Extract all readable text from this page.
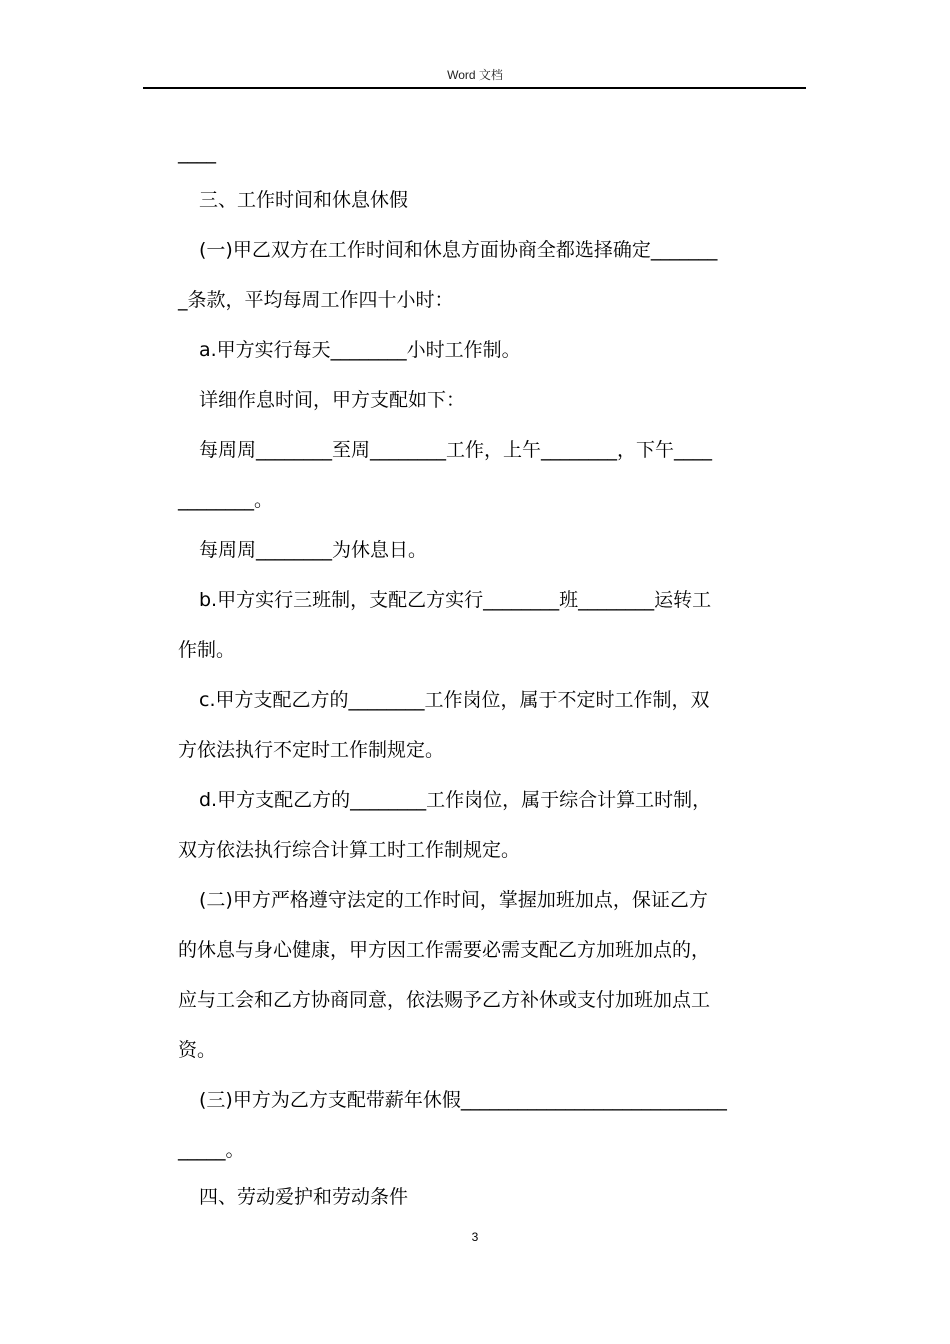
Word 文档
____
三、工作时间和休息休假
(一)甲乙双方在工作时间和休息方面协商全都选择确定_______
_条款，平均每周工作四十小时：
a.甲方实行每天________小时工作制。
详细作息时间，甲方支配如下：
每周周________至周________工作，上午________，下午____
________。
每周周________为休息日。
b.甲方实行三班制，支配乙方实行________班________运转工
作制。
c.甲方支配乙方的________工作岗位，属于不定时工作制，双
方依法执行不定时工作制规定。
d.甲方支配乙方的________工作岗位，属于综合计算工时制，
双方依法执行综合计算工时工作制规定。
(二)甲方严格遵守法定的工作时间，掌握加班加点，保证乙方
的休息与身心健康，甲方因工作需要必需支配乙方加班加点的，
应与工会和乙方协商同意，依法赐予乙方补休或支付加班加点工
资。
(三)甲方为乙方支配带薪年休假____________________________
_____。
四、劳动爱护和劳动条件
3
